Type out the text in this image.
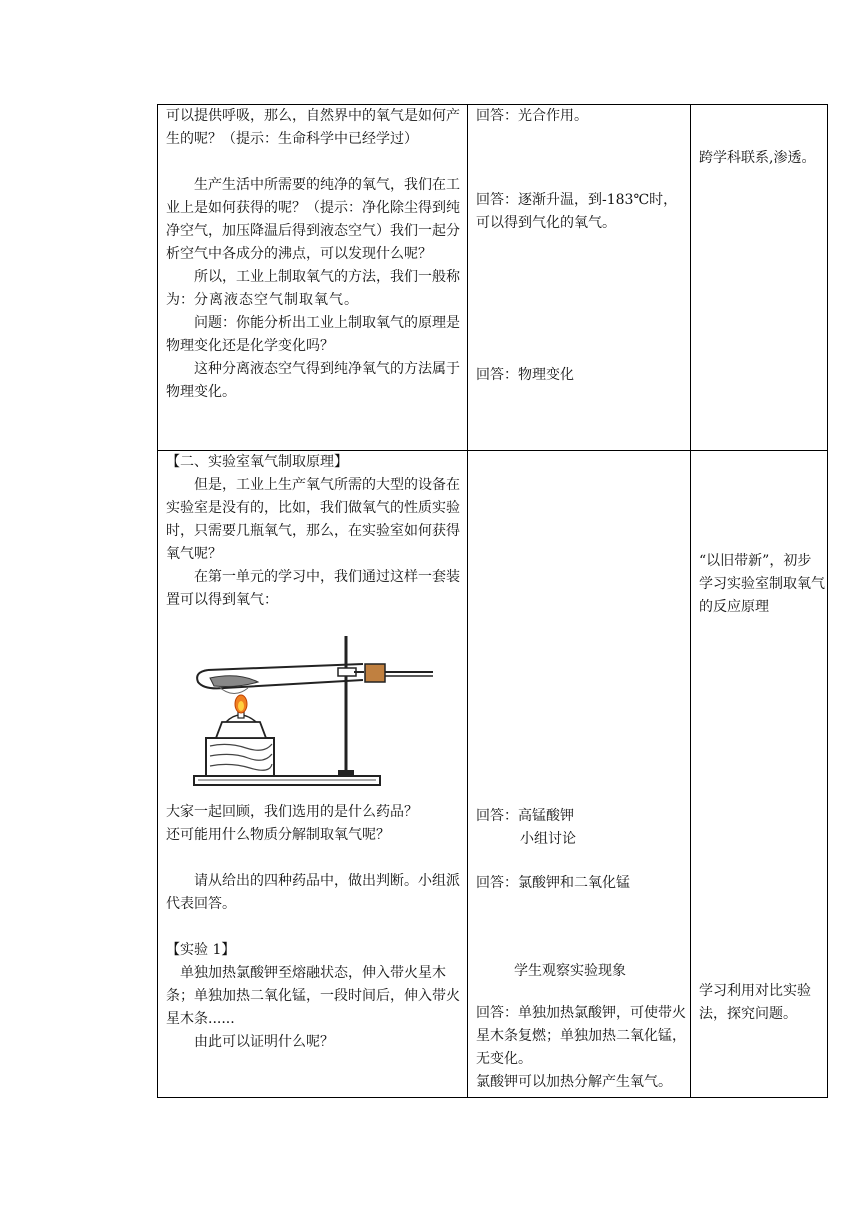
可以提供呼吸，那么，自然界中的氧气是如何产生的呢？（提示：生命科学中已经学过）

生产生活中所需要的纯净的氧气，我们在工业上是如何获得的呢？（提示：净化除尘得到纯净空气，加压降温后得到液态空气）我们一起分析空气中各成分的沸点，可以发现什么呢？

所以，工业上制取氧气的方法，我们一般称为：分离液态空气制取氧气。

问题：你能分析出工业上制取氧气的原理是物理变化还是化学变化吗？

这种分离液态空气得到纯净氧气的方法属于物理变化。

回答：光合作用。
回答：逐渐升温，到-183℃时，可以得到气化的氧气。
回答：物理变化
跨学科联系,渗透。

【二、实验室氧气制取原理】

但是，工业上生产氧气所需的大型的设备在实验室是没有的，比如，我们做氧气的性质实验时，只需要几瓶氧气，那么，在实验室如何获得氧气呢？

在第一单元的学习中，我们通过这样一套装置可以得到氧气：

大家一起回顾，我们选用的是什么药品？

还可能用什么物质分解制取氧气呢？

请从给出的四种药品中，做出判断。小组派代表回答。

【实验 1】

单独加热氯酸钾至熔融状态，伸入带火星木条；单独加热二氧化锰，一段时间后，伸入带火星木条......

由此可以证明什么呢？

回答：高锰酸钾
小组讨论
回答：氯酸钾和二氧化锰
学生观察实验现象

回答：单独加热氯酸钾，可使带火星木条复燃；单独加热二氧化锰，无变化。

氯酸钾可以加热分解产生氧气。

“以旧带新”，初步学习实验室制取氧气的反应原理
学习利用对比实验法，探究问题。
